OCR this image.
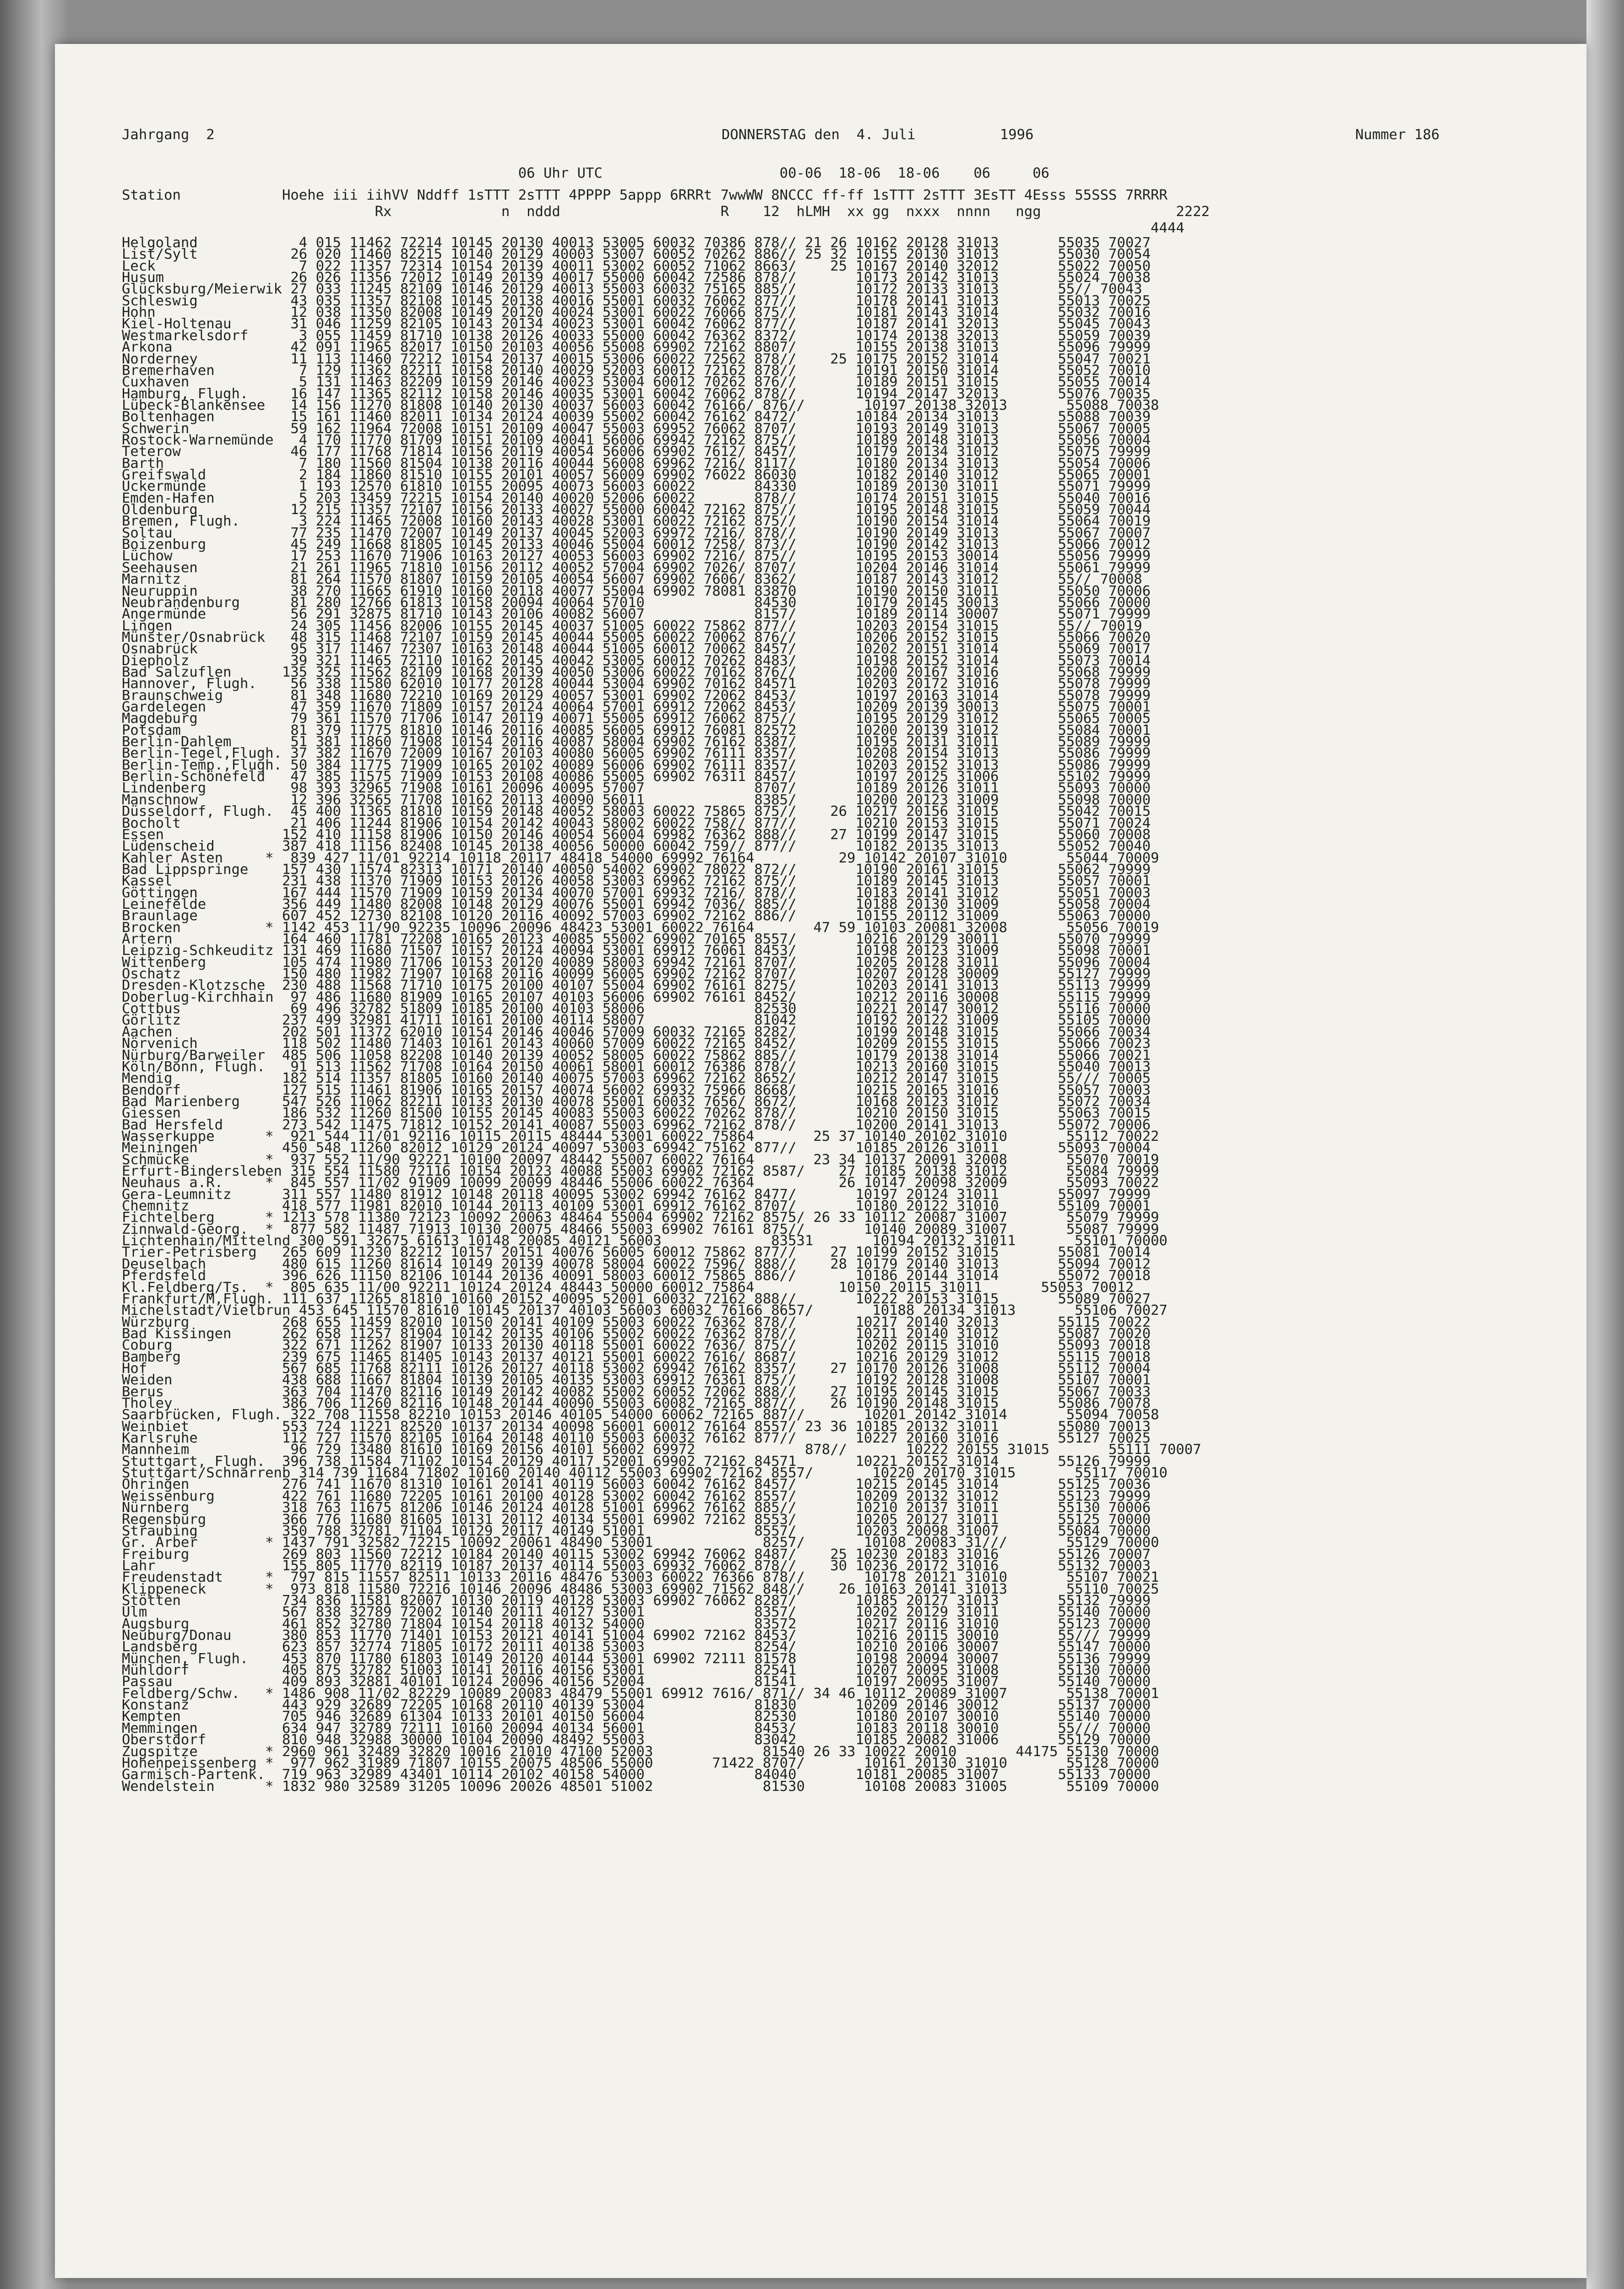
Jahrgang  2	DONNERSTAG den  4. Juli          1996	Nummer 186
06 Uhr UTC                     00-06  18-06  18-06    06     06
Station            Hoehe iii iihVV Nddff 1sTTT 2sTTT 4PPPP 5appp 6RRRt 7wwWW 8NCCC ff-ff 1sTTT 2sTTT 3EsTT 4Esss 55SSS 7RRRR
Rx             n  nddd                   R    12  hLMH  xx gg  nxxx  nnnn   ngg                2222
4444
Helgoland            4 015 11462 72214 10145 20130 40013 53005 60032 70386 878// 21 26 10162 20128 31013       55035 70027
List/Sylt           26 020 11460 82215 10140 20129 40003 53007 60052 70262 886// 25 32 10155 20130 31013       55030 70054
Leck                 7 022 11357 72314 10154 20139 40011 53002 60052 71062 8663/    25 10167 20140 32012       55022 70050
Husum               26 026 11356 72012 10149 20139 40017 55000 60042 72586 878//       10173 20142 31013       55024 70038
Glücksburg/Meierwik 27 033 11245 82109 10146 20129 40013 55003 60032 75165 885//       10172 20133 31013       55// 70043
Schleswig           43 035 11357 82108 10145 20138 40016 55001 60032 76062 877//       10178 20141 31013       55013 70025
Hohn                12 038 11350 82008 10149 20120 40024 53001 60022 76066 875//       10181 20143 31014       55032 70016
Kiel-Holtenau       31 046 11259 82105 10143 20134 40023 53001 60042 76062 877//       10187 20141 32013       55045 70043
Westmarkelsdorf      3 055 11459 81710 10138 20126 40033 55000 60042 76362 8372/       10174 20138 32013       55059 70039
Arkona              42 091 11965 82017 10150 20103 40056 55008 69902 72162 8807/       10155 20138 31013       55096 79999
Norderney           11 113 11460 72212 10154 20137 40015 53006 60022 72562 878//    25 10175 20152 31014       55047 70021
Bremerhaven          7 129 11362 82211 10158 20140 40029 52003 60012 72162 878//       10191 20150 31014       55052 70010
Cuxhaven             5 131 11463 82209 10159 20146 40023 53004 60012 70262 876//       10189 20151 31015       55055 70014
Hamburg, Flugh.     16 147 11365 82112 10158 20146 40035 53001 60042 76062 878//       10194 20147 32013       55076 70035
Lübeck-Blankensee   14 156 11270 81808 10140 20130 40037 56003 60042 76166/ 876//       10197 20138 32013       55088 70038
Boltenhagen         15 161 11460 82011 10134 20124 40039 55002 60042 76162 8472/       10184 20134 31013       55088 70039
Schwerin            59 162 11964 72008 10151 20109 40047 55003 69952 76062 8707/       10193 20149 31013       55067 70005
Rostock-Warnemünde   4 170 11770 81709 10151 20109 40041 56006 69942 72162 875//       10189 20148 31013       55056 70004
Teterow             46 177 11768 71814 10156 20119 40054 56006 69902 7612/ 8457/       10179 20134 31012       55075 79999
Barth                7 180 11560 81504 10138 20116 40044 56008 69962 7216/ 8117/       10180 20134 31013       55054 70006
Greifswald           2 184 11860 81510 10155 20101 40057 56009 69902 76022 86030       10182 20140 31012       55065 70001
Ückermünde           1 193 12570 61810 10155 20095 40073 56003 60022       84330       10189 20130 31011       55071 79999
Emden-Hafen          5 203 13459 72215 10154 20140 40020 52006 60022       878//       10174 20151 31015       55040 70016
Oldenburg           12 215 11357 72107 10156 20133 40027 55000 60042 72162 875//       10195 20148 31015       55059 70044
Bremen, Flugh.       3 224 11465 72008 10160 20143 40028 53001 60022 72162 875//       10190 20154 31014       55064 70019
Soltau              77 235 11470 72007 10149 20137 40045 52003 69972 7216/ 878//       10190 20149 31013       55067 70007
Boizenburg          45 249 11668 81805 10145 20133 40046 55004 60012 7258/ 873//       10190 20142 31013       55066 70012
Lüchow              17 253 11670 71906 10163 20127 40053 56003 69902 7216/ 875//       10195 20153 30014       55056 79999
Seehausen           21 261 11965 71810 10156 20112 40052 57004 69902 7026/ 8707/       10204 20146 31014       55061 79999
Marnitz             81 264 11570 81807 10159 20105 40054 56007 69902 7606/ 8362/       10187 20143 31012       55// 70008
Neuruppin           38 270 11665 61910 10160 20118 40077 55004 69902 78081 83870       10190 20150 31011       55050 70006
Neubrandenburg      81 280 12766 61813 10158 20094 40064 57010             84530       10179 20145 30013       55066 70000
Angermünde          56 291 32875 81710 10143 20106 40082 56007             8157/       10189 20114 30007       55071 79999
Lingen              24 305 11456 82006 10155 20145 40037 51005 60022 75862 877//       10203 20154 31015       55// 70019
Münster/Osnabrück   48 315 11468 72107 10159 20145 40044 55005 60022 70062 876//       10206 20152 31015       55066 70020
Osnabrück           95 317 11467 72307 10163 20148 40044 51005 60012 70062 8457/       10202 20151 31014       55069 70017
Diepholz            39 321 11465 72110 10162 20145 40042 53005 60012 70262 8483/       10198 20152 31014       55073 70014
Bad Salzuflen      135 325 11562 82109 10168 20139 40050 53006 60022 70162 876//       10200 20167 31016       55068 79999
Hannover, Flugh.    56 338 11580 62010 10177 20128 40044 53004 69902 70162 84571       10203 20172 31016       55078 79999
Braunschweig        81 348 11680 72210 10169 20129 40057 53001 69902 72062 8453/       10197 20163 31014       55078 79999
Gardelegen          47 359 11670 71809 10157 20124 40064 57001 69912 72062 8453/       10209 20139 30013       55075 70001
Magdeburg           79 361 11570 71706 10147 20119 40071 55005 69912 76062 875//       10195 20129 31012       55065 70005
Potsdam             81 379 11775 81810 10146 20116 40085 56005 69912 76081 82572       10200 20139 31012       55084 70001
Berlin-Dahlem       51 381 11860 71908 10154 20116 40087 58004 69902 76162 8387/       10195 20131 31011       55089 79999
Berlin-Tegel,Flugh. 37 382 11670 72009 10167 20103 40080 56005 69902 76111 8357/       10208 20154 31013       55086 79999
Berlin-Temp.,Flugh. 50 384 11775 71909 10165 20102 40089 56006 69902 76111 8357/       10203 20152 31013       55086 79999
Berlin-Schönefeld   47 385 11575 71909 10153 20108 40086 55005 69902 76311 8457/       10197 20125 31006       55102 79999
Lindenberg          98 393 32965 71908 10161 20096 40095 57007             8707/       10189 20126 31011       55093 70000
Manschnow           12 396 32565 71708 10162 20113 40090 56011             8385/       10200 20123 31009       55098 70000
Düsseldorf, Flugh.  45 400 11365 81810 10159 20148 40052 58003 60022 75865 875//    26 10217 20156 31015       55042 70015
Bocholt             21 406 11244 81906 10154 20142 40043 58002 60022 758// 877//       10210 20153 31015       55071 70024
Essen              152 410 11158 81906 10150 20146 40054 56004 69982 76362 888//    27 10199 20147 31015       55060 70008
Lüdenscheid        387 418 11156 82408 10145 20138 40056 50000 60042 759// 877//       10182 20135 31013       55052 70040
Kahler Asten     *  839 427 11/01 92214 10118 20117 48418 54000 69992 76164          29 10142 20107 31010       55044 70009
Bad Lippspringe    157 430 11574 82313 10171 20140 40050 54002 69902 78022 872//       10190 20161 31015       55062 79999
Kassel             231 438 11370 71909 10153 20126 40058 53003 69962 72162 875//       10189 20145 31013       55057 70001
Göttingen          167 444 11570 71909 10159 20134 40070 57001 69932 7216/ 878//       10183 20141 31012       55051 70003
Leinefelde         356 449 11480 82008 10148 20129 40076 55001 69942 7036/ 885//       10188 20130 31009       55058 70004
Braunlage          607 452 12730 82108 10120 20116 40092 57003 69902 72162 886//       10155 20112 31009       55063 70000
Brocken          * 1142 453 11/90 92235 10096 20096 48423 53001 60022 76164       47 59 10103 20081 32008       55056 70019
Artern             164 460 11781 72208 10165 20123 40085 55002 69902 70165 8557/       10216 20129 30011       55070 79999
Leipzig-Schkeuditz 131 469 11680 71507 10157 20124 40094 53001 69912 76061 8453/       10198 20123 31009       55098 70001
Wittenberg         105 474 11980 71706 10153 20120 40089 58003 69942 72161 8707/       10205 20128 31011       55096 70004
Oschatz            150 480 11982 71907 10168 20116 40099 56005 69902 72162 8707/       10207 20128 30009       55127 79999
Dresden-Klotzsche  230 488 11568 71710 10175 20100 40107 55004 69902 76161 8275/       10203 20141 31013       55113 79999
Doberlug-Kirchhain  97 486 11680 81909 10165 20107 40103 56006 69902 76161 8452/       10212 20116 30008       55115 79999
Cottbus             69 496 32782 51809 10185 20100 40103 58006             82530       10221 20147 30012       55116 70000
Görlitz            237 499 32981 41711 10161 20100 40114 58007             81042       10192 20122 31009       55105 70000
Aachen             202 501 11372 62010 10154 20146 40046 57009 60032 72165 8282/       10199 20148 31015       55066 70034
Nörvenich          118 502 11480 71403 10161 20143 40060 57009 60022 72165 8452/       10209 20155 31015       55066 70023
Nürburg/Barweiler  485 506 11058 82208 10140 20139 40052 58005 60022 75862 885//       10179 20138 31014       55066 70021
Köln/Bonn, Flugh.   91 513 11562 71708 10164 20150 40061 58001 60012 76386 878//       10213 20160 31015       55040 70013
Mendig             182 514 11357 81805 10160 20140 40075 57003 69962 72162 8652/       10212 20147 31015       55/// 70005
Bendorf            127 515 11461 81906 10165 20157 40074 56002 69932 75966 8668/       10215 20165 31016       55057 70003
Bad Marienberg     547 526 11062 82211 10133 20130 40078 55001 60032 7656/ 8672/       10168 20123 31012       55072 70034
Giessen            186 532 11260 81500 10155 20145 40083 55003 60022 70262 878//       10210 20150 31015       55063 70015
Bad Hersfeld       273 542 11475 71812 10152 20141 40087 55003 69962 72162 878//       10200 20141 31013       55072 70006
Wasserkuppe      *  921 544 11/01 92116 10115 20115 48444 53001 60022 75864       25 37 10140 20102 31010       55112 70022
Meiningen          450 548 11260 82012 10129 20124 40097 53003 69942 75162 877//       10185 20126 31011       55093 70004
Schmücke         *  937 552 11/90 92221 10100 20097 48442 55007 60022 76164       23 34 10137 20091 32008       55070 70019
Erfurt-Bindersleben 315 554 11580 72116 10154 20123 40088 55003 69902 72162 8587/    27 10185 20138 31012       55084 79999
Neuhaus a.R.     *  845 557 11/02 91909 10099 20099 48446 55006 60022 76364          26 10147 20098 32009       55093 70022
Gera-Leumnitz      311 557 11480 81912 10148 20118 40095 53002 69942 76162 8477/       10197 20124 31011       55097 79999
Chemnitz           418 577 11981 82010 10144 20113 40109 53001 69912 76162 8707/       10180 20122 31010       55109 70001
Fichtelberg      * 1213 578 11380 72123 10092 20063 48464 55004 69902 72162 8575/ 26 33 10112 20087 31007       55079 79999
Zinnwald-Georg.  *  877 582 11487 71913 10130 20075 48466 55003 69902 76161 875//       10140 20089 31007       55087 79999
Lichtenhain/Mittelnd 300 591 32675 61613 10148 20085 40121 56003             83531       10194 20132 31011       55101 70000
Trier-Petrisberg   265 609 11230 82212 10157 20151 40076 56005 60012 75862 877//    27 10199 20152 31015       55081 70014
Deuselbach         480 615 11260 81614 10149 20139 40078 58004 60022 7596/ 888//    28 10179 20140 31013       55094 70012
Pferdsfeld         396 626 11150 82106 10144 20136 40091 58003 60012 75865 886//       10186 20144 31014       55072 70018
Kl.Feldberg/Ts.  *  805 635 11/00 92211 10124 20124 48443 50000 60012 75864          10150 20115 31011       55053 70012
Frankfurt/M,Flugh. 111 637 11265 81810 10160 20152 40095 52001 60032 72162 888//       10222 20153 31015       55089 70027
Michelstadt/Vielbrun 453 645 11570 81610 10145 20137 40103 56003 60032 76166 8657/       10188 20134 31013       55106 70027
Würzburg           268 655 11459 82010 10150 20141 40109 55003 60022 76362 878//       10217 20140 32013       55115 70022
Bad Kissingen      262 658 11257 81904 10142 20135 40106 55002 60022 76362 878//       10211 20140 31012       55087 70020
Coburg             322 671 11262 81907 10133 20130 40118 55001 60022 7636/ 875//       10202 20115 31010       55093 70018
Bamberg            239 675 11465 81405 10143 20137 40121 55001 60022 7616/ 8687/       10216 20129 31012       55115 70018
Hof                567 685 11768 82111 10126 20127 40118 53002 69942 76162 8357/    27 10170 20126 31008       55112 70004
Weiden             438 688 11667 81804 10139 20105 40135 53003 69912 76361 875//       10192 20128 31008       55107 70001
Berus              363 704 11470 82116 10149 20142 40082 55002 60052 72062 888//    27 10195 20145 31015       55067 70033
Tholey             386 706 11260 82116 10148 20144 40090 55003 60082 72165 887//    26 10190 20148 31015       55086 70078
Saarbrücken, Flugh. 322 708 11558 82210 10153 20146 40105 54000 60062 72165 887//       10201 20142 31014       55094 70058
Weinbiet           553 724 11221 82520 10137 20134 40098 56001 60012 76164 8557/ 23 36 10185 20132 31011       55080 70013
Karlsruhe          112 727 11570 82105 10164 20148 40110 55003 60032 76162 877//       10227 20160 31016       55127 70025
Mannheim            96 729 13480 81610 10169 20156 40101 56002 69972             878//       10222 20155 31015       55111 70007
Stuttgart, Flugh.  396 738 11584 71102 10154 20129 40117 52001 69902 72162 84571       10221 20152 31014       55126 79999
Stuttgart/Schnarrenb 314 739 11684 71802 10160 20140 40112 55003 69902 72162 8557/       10220 20170 31015       55117 70010
Öhringen           276 741 11670 81310 10161 20141 40119 56003 60042 76162 8457/       10215 20145 31014       55125 70036
Weissenburg        422 761 11680 72205 10161 20100 40128 53002 60042 76162 8557/       10209 20132 31012       55123 79999
Nürnberg           318 763 11675 81206 10146 20124 40128 51001 69962 76162 885//       10210 20137 31011       55130 70006
Regensburg         366 776 11680 81605 10131 20112 40134 55001 69902 72162 8553/       10205 20127 31011       55125 70000
Straubing          350 788 32781 71104 10129 20117 40149 51001             8557/       10203 20098 31007       55084 70000
Gr. Arber        * 1437 791 32582 72215 10092 20061 48490 53001             8257/       10108 20083 31///       55129 70000
Freiburg           269 803 11560 72212 10184 20140 40115 53002 69942 76062 8487/    25 10230 20183 31016       55126 70007
Lahr               155 805 11770 82119 10187 20137 40114 55003 69932 76062 878//    30 10236 20172 31016       55132 70003
Freudenstadt     *  797 815 11557 82511 10133 20116 48476 53003 60022 76366 878//       10178 20121 31010       55107 70021
Klippeneck       *  973 818 11580 72216 10146 20096 48486 53003 69902 71562 848//    26 10163 20141 31013       55110 70025
Stötten            734 836 11581 82007 10130 20119 40128 53003 69902 76062 8287/       10185 20127 31013       55132 79999
Ulm                567 838 32789 72002 10140 20111 40127 53001             8357/       10202 20129 31011       55140 70000
Augsburg           461 852 32780 71804 10154 20118 40132 54000             83572       10217 20116 31010       55123 70000
Neuburg/Donau      380 853 11770 71401 10153 20121 40141 51004 69902 72162 8453/       10216 20115 30010       55/// 79999
Landsberg          623 857 32774 71805 10172 20111 40138 53003             8254/       10210 20106 30007       55147 70000
München, Flugh.    453 870 11780 61803 10149 20120 40144 53001 69902 72111 81578       10198 20094 30007       55136 79999
Mühldorf           405 875 32782 51003 10141 20116 40156 53001             82541       10207 20095 31008       55130 70000
Passau             409 893 32881 40101 10124 20096 40156 52004             81541       10197 20095 31007       55140 70000
Feldberg/Schw.   * 1486 908 11/02 82229 10089 20083 48479 55001 69912 7616/ 871// 34 46 10112 20089 31007       55138 70001
Konstanz           443 929 32689 72205 10168 20110 40139 53004             81830       10209 20146 30012       55137 70000
Kempten            705 946 32689 61304 10133 20101 40150 56004             82530       10180 20107 30010       55140 70000
Memmingen          634 947 32789 72111 10160 20094 40134 56001             8453/       10183 20118 30010       55/// 70000
Oberstdorf         810 948 32988 30000 10104 20090 48492 55003             83042       10185 20082 31006       55129 70000
Zugspitze        * 2960 961 32489 32820 10016 21010 47100 52003             81540 26 33 10022 20010       44175 55130 70000
Hohenpeissenberg *  977 962 31989 71807 10155 20075 48506 55000       71422 8707/       10161 20130 31010       55128 70000
Garmisch-Partenk.  719 963 32989 43401 10114 20102 40158 54000             84040       10181 20085 31007       55133 70000
Wendelstein      * 1832 980 32589 31205 10096 20026 48501 51002             81530       10108 20083 31005       55109 70000
